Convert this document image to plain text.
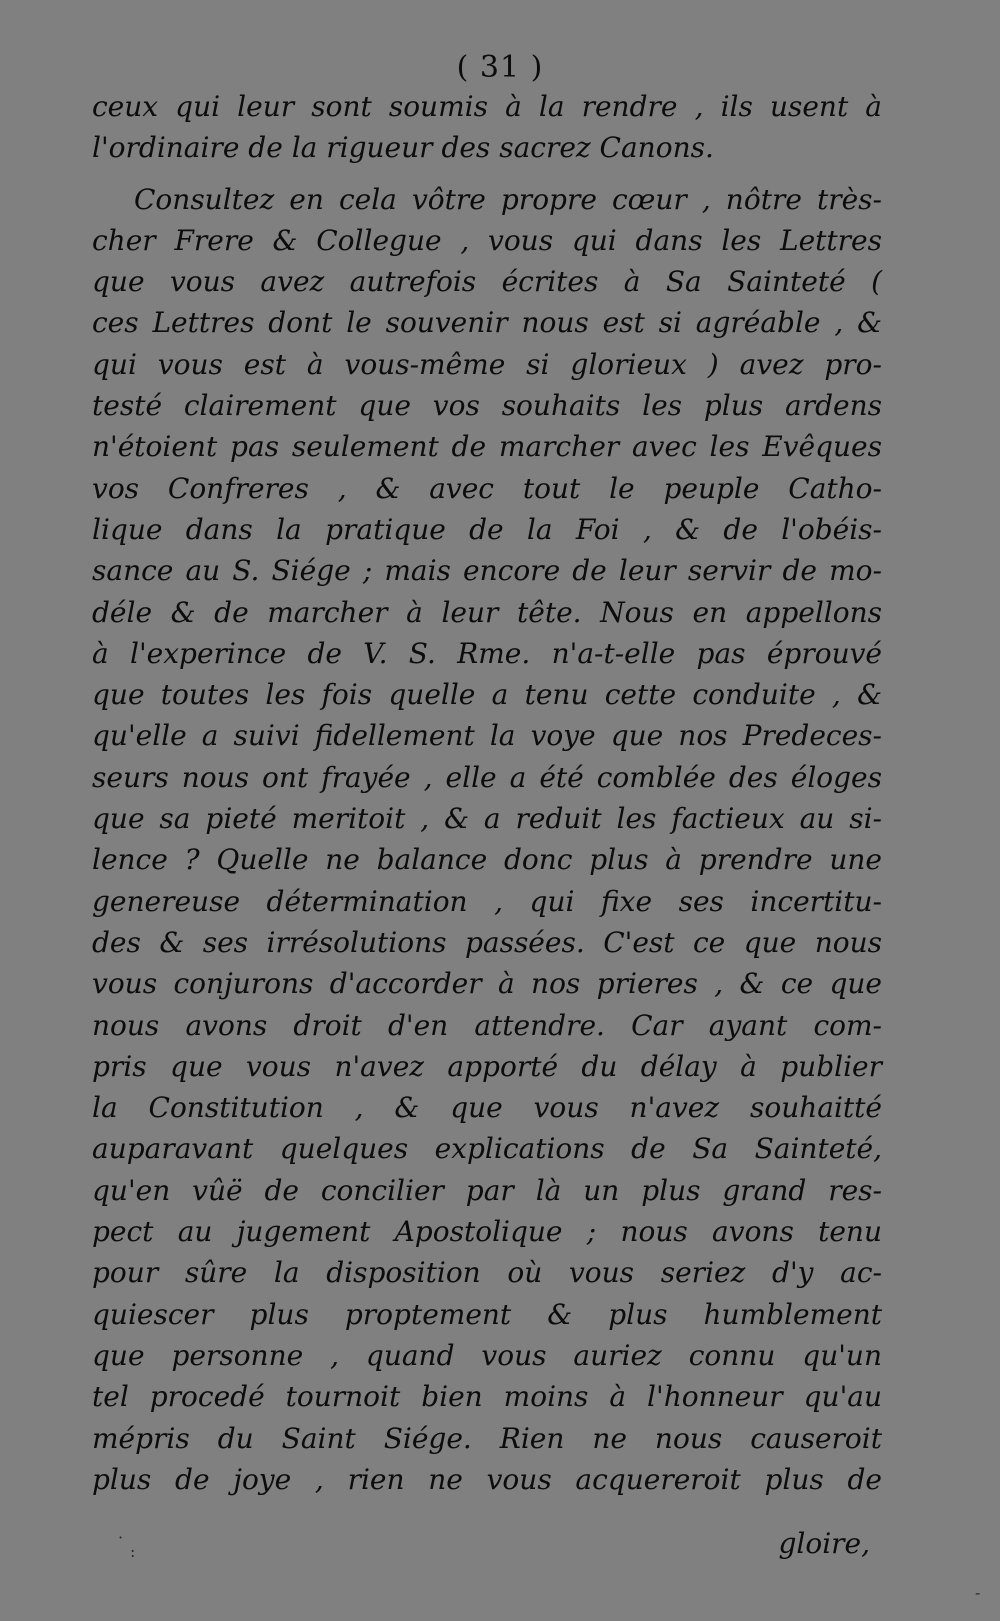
( 31 )
ceux qui leur sont soumis à la rendre , ils usent à
l'ordinaire de la rigueur des sacrez Canons.
Consultez en cela vôtre propre cœur , nôtre très-
cher Frere & Collegue , vous qui dans les Lettres
que vous avez autrefois écrites à Sa Sainteté (
ces Lettres dont le souvenir nous est si agréable , &
qui vous est à vous-même si glorieux ) avez pro-
testé clairement que vos souhaits les plus ardens
n'étoient pas seulement de marcher avec les Evêques
vos Confreres , & avec tout le peuple Catho-
lique dans la pratique de la Foi , & de l'obéis-
sance au S. Siége ; mais encore de leur servir de mo-
déle & de marcher à leur tête. Nous en appellons
à l'experince de V. S. Rme. n'a-t-elle pas éprouvé
que toutes les fois quelle a tenu cette conduite , &
qu'elle a suivi fidellement la voye que nos Predeces-
seurs nous ont frayée , elle a été comblée des éloges
que sa pieté meritoit , & a reduit les factieux au si-
lence ? Quelle ne balance donc plus à prendre une
genereuse détermination , qui fixe ses incertitu-
des & ses irrésolutions passées. C'est ce que nous
vous conjurons d'accorder à nos prieres , & ce que
nous avons droit d'en attendre. Car ayant com-
pris que vous n'avez apporté du délay à publier
la Constitution , & que vous n'avez souhaitté
auparavant quelques explications de Sa Sainteté,
qu'en vûë de concilier par là un plus grand res-
pect au jugement Apostolique ; nous avons tenu
pour sûre la disposition où vous seriez d'y ac-
quiescer plus proptement & plus humblement
que personne , quand vous auriez connu qu'un
tel procedé tournoit bien moins à l'honneur qu'au
mépris du Saint Siége. Rien ne nous causeroit
plus de joye , rien ne vous acquereroit plus de
gloire,
·
:
-
